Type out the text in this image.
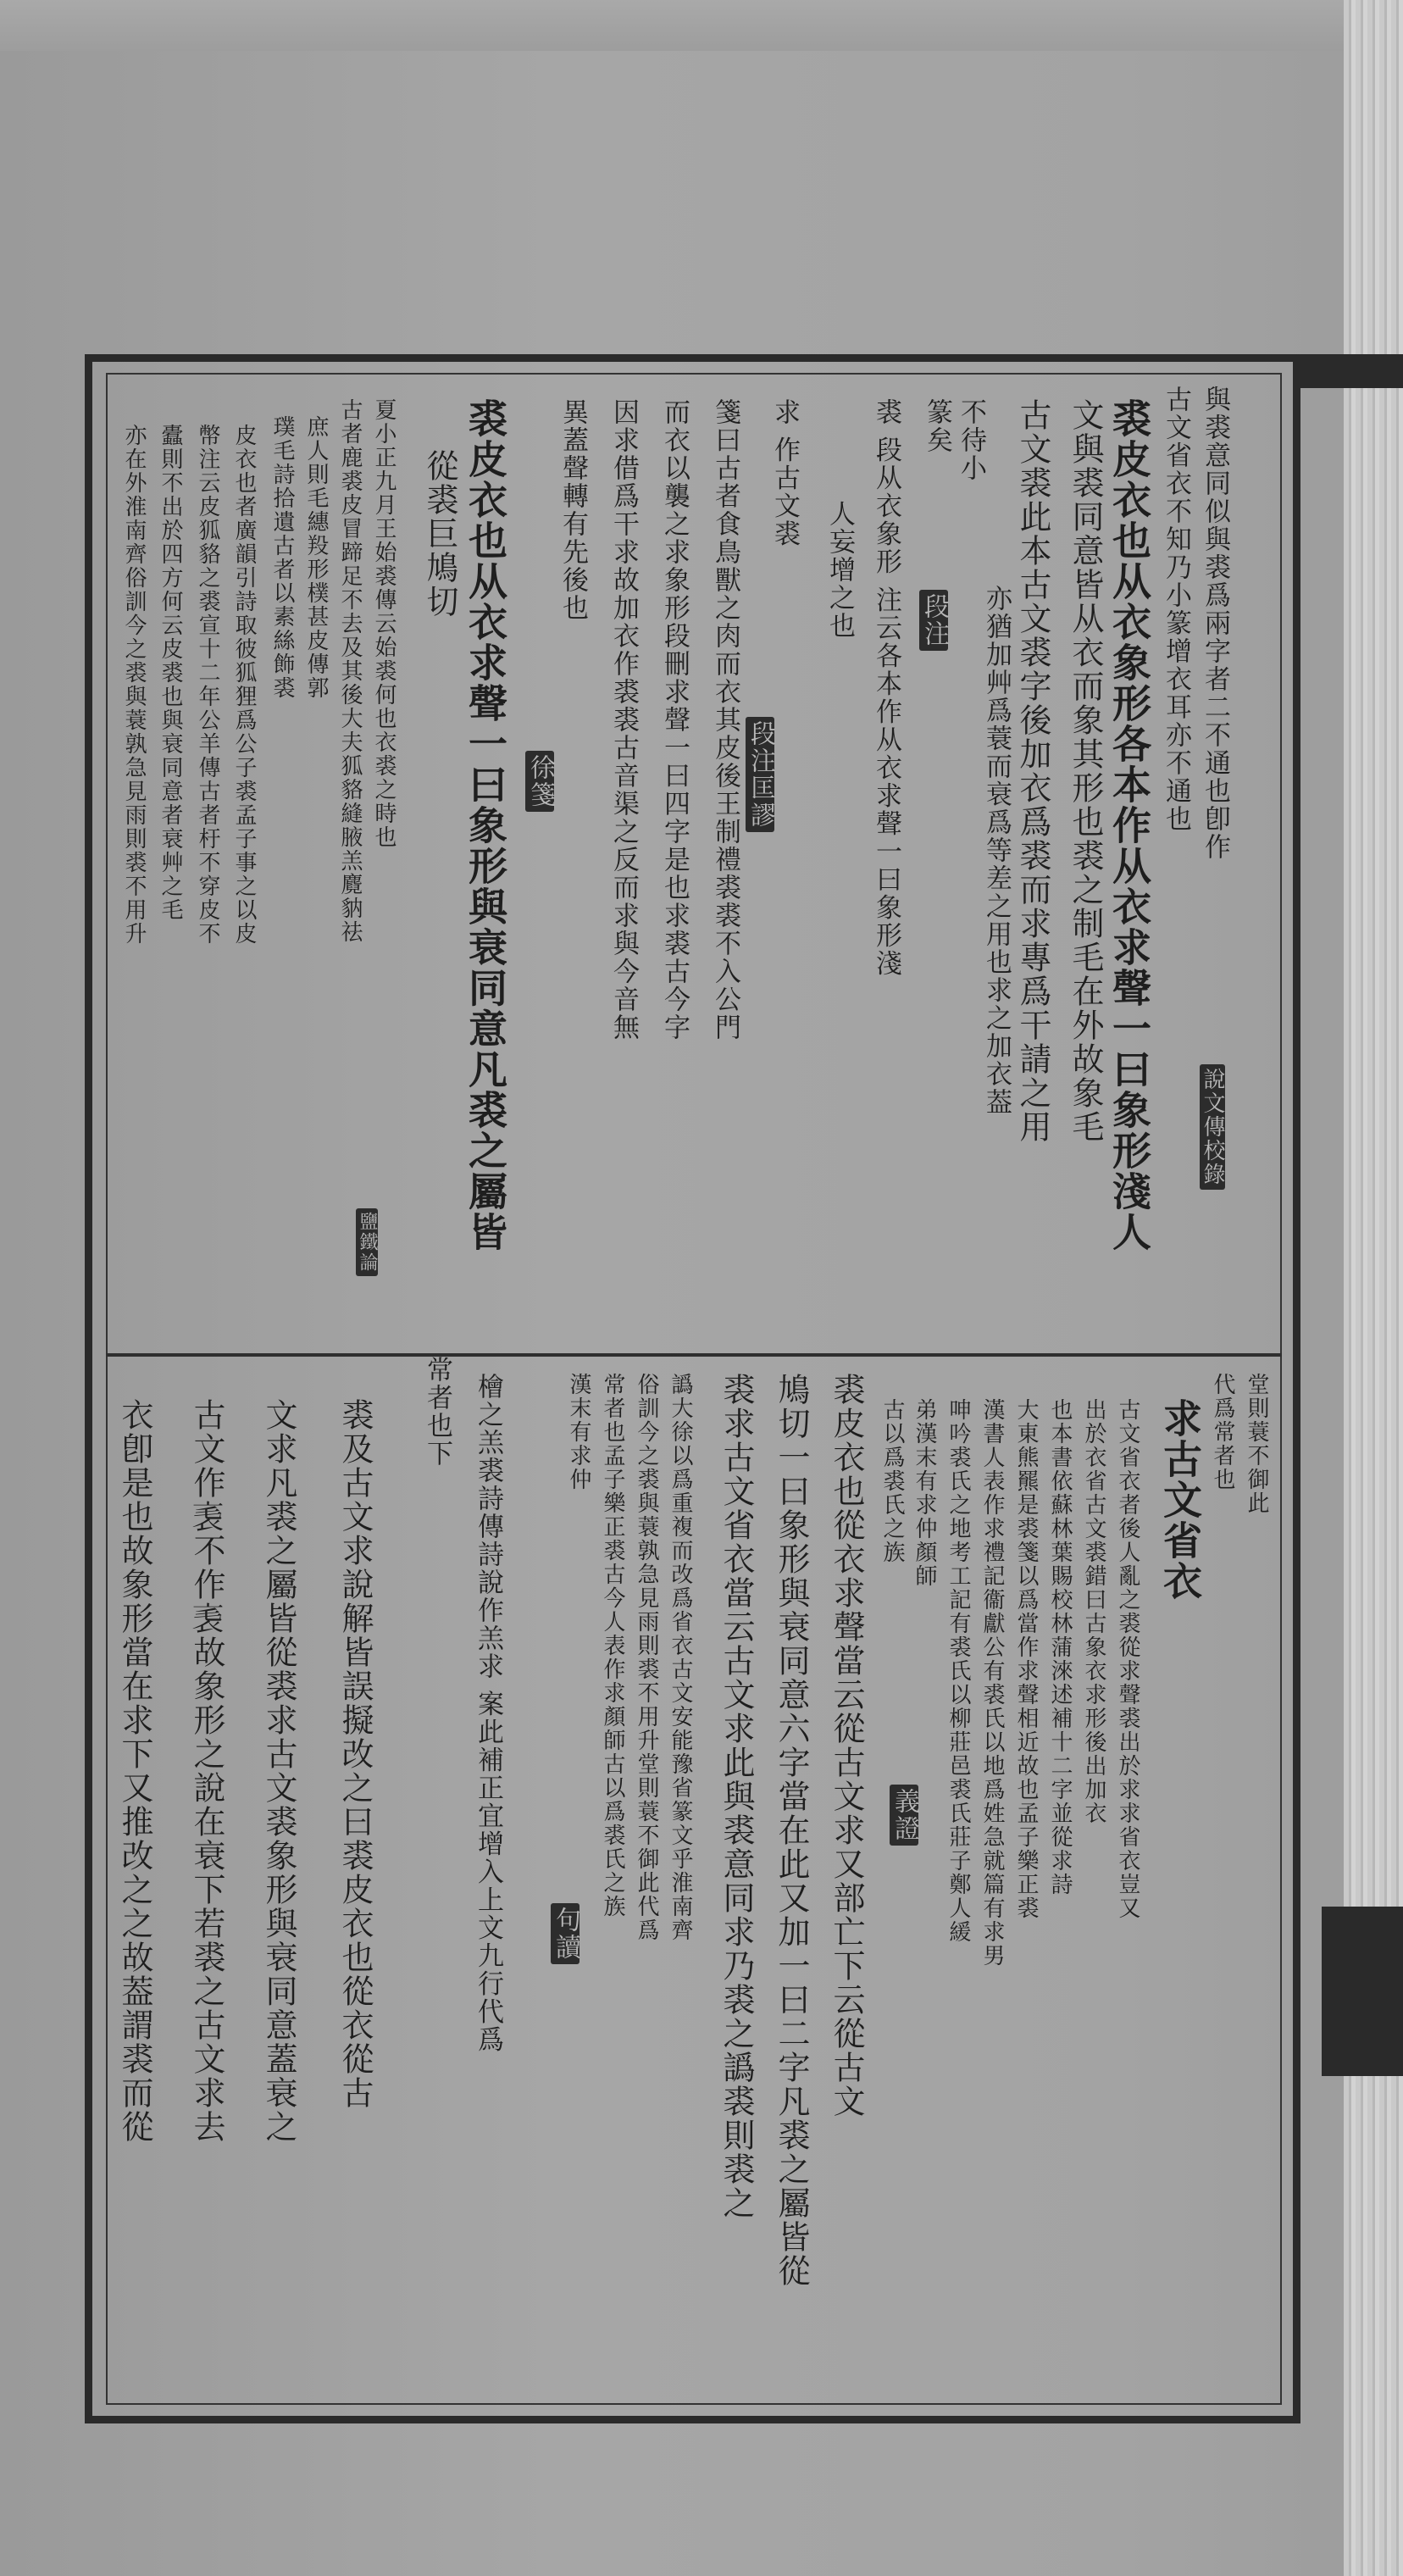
與裘意同似與裘爲兩字者二不通也卽作
古文省衣不知乃小篆增衣耳亦不通也
裘皮衣也从衣象形各本作从衣求聲一曰象形淺人
文與裘同意皆从衣而象其形也裘之制毛在外故象毛
古文裘此本古文裘字後加衣爲裘而求專爲干請之用
亦猶加艸爲蓑而衰爲等差之用也求之加衣葢
不待小
篆矣
段注
裘 段从衣象形 注云各本作从衣求聲一曰象形淺
人妄增之也
求 作古文裘
段注匡謬
箋曰古者食鳥獸之肉而衣其皮後王制禮裘裘不入公門
而衣以襲之求象形段刪求聲一曰四字是也求裘古今字
因求借爲干求故加衣作裘裘古音渠之反而求與今音無
異蓋聲轉有先後也
徐箋
裘皮衣也从衣求聲一曰象形與衰同意凡裘之屬皆
從裘巨鳩切
夏小正九月王始裘傳云始裘何也衣裘之時也
鹽鐵論
古者鹿裘皮冒蹄足不去及其後大夫狐貉縫腋羔麑豽祛
庶人則毛繐羖形樸甚皮傳郭
璞毛詩拾遺古者以素絲飾裘
皮衣也者廣韻引詩取彼狐狸爲公子裘孟子事之以皮
幣注云皮狐貉之裘宣十二年公羊傳古者杅不穿皮不
蠹則不出於四方何云皮裘也與衰同意者衰艸之毛
亦在外淮南齊俗訓今之裘與蓑孰急見雨則裘不用升
堂則蓑不御此
代爲常者也
求古文省衣
古文省衣者後人亂之裘從求聲裘出於求求省衣豈又
出於衣省古文裘錯曰古象衣求形後出加衣
也本書依蘇林葉賜校林蒲淶述補十二字並從求詩
大東熊羆是裘箋以爲當作求聲相近故也孟子樂正裘
漢書人表作求禮記衞獻公有裘氏以地爲姓急就篇有求男
呻吟裘氏之地考工記有裘氏以柳莊邑裘氏莊子鄭人緩
弟漢末有求仲顏師
古以爲裘氏之族
義證
裘皮衣也從衣求聲當云從古文求又部亡下云從古文
鳩切一曰象形與衰同意六字當在此又加一曰二字凡裘之屬皆從
裘求古文省衣當云古文求此與裘意同求乃裘之譌裘則裘之
譌大徐以爲重複而改爲省衣古文安能豫省篆文乎淮南齊
俗訓今之裘與蓑孰急見雨則裘不用升堂則蓑不御此代爲
常者也孟子樂正裘古今人表作求顏師古以爲裘氏之族
句讀
漢末有求仲
檜之羔裘詩傳詩說作羔求 案此補正宜增入上文九行代爲
常者也下
裘及古文求說解皆誤擬改之曰裘皮衣也從衣從古
文求凡裘之屬皆從裘求古文裘象形與衰同意蓋衰之
古文作𧘝不作𧘝故象形之說在衰下若裘之古文求去
衣卽是也故象形當在求下又推改之之故葢謂裘而從
說文傳校錄
